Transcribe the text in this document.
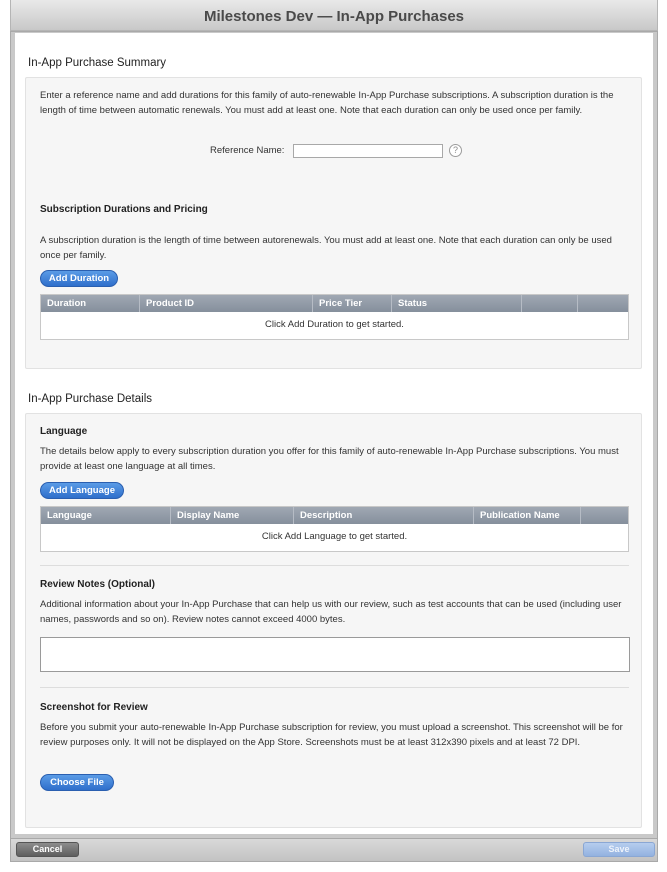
Milestones Dev — In-App Purchases
In-App Purchase Summary
Enter a reference name and add durations for this family of auto-renewable In-App Purchase subscriptions. A subscription duration is the length of time between automatic renewals. You must add at least one. Note that each duration can only be used once per family.
Reference Name:	?
Subscription Durations and Pricing
A subscription duration is the length of time between autorenewals. You must add at least one. Note that each duration can only be used once per family.
Add Duration
Duration	Product ID	Price Tier	Status
Click Add Duration to get started.
In-App Purchase Details
Language
The details below apply to every subscription duration you offer for this family of auto-renewable In-App Purchase subscriptions. You must provide at least one language at all times.
Add Language
Language	Display Name	Description	Publication Name
Click Add Language to get started.
Review Notes (Optional)
Additional information about your In-App Purchase that can help us with our review, such as test accounts that can be used (including user names, passwords and so on). Review notes cannot exceed 4000 bytes.
Screenshot for Review
Before you submit your auto-renewable In-App Purchase subscription for review, you must upload a screenshot. This screenshot will be for review purposes only. It will not be displayed on the App Store. Screenshots must be at least 312x390 pixels and at least 72 DPI.
Choose File
Cancel	Save
